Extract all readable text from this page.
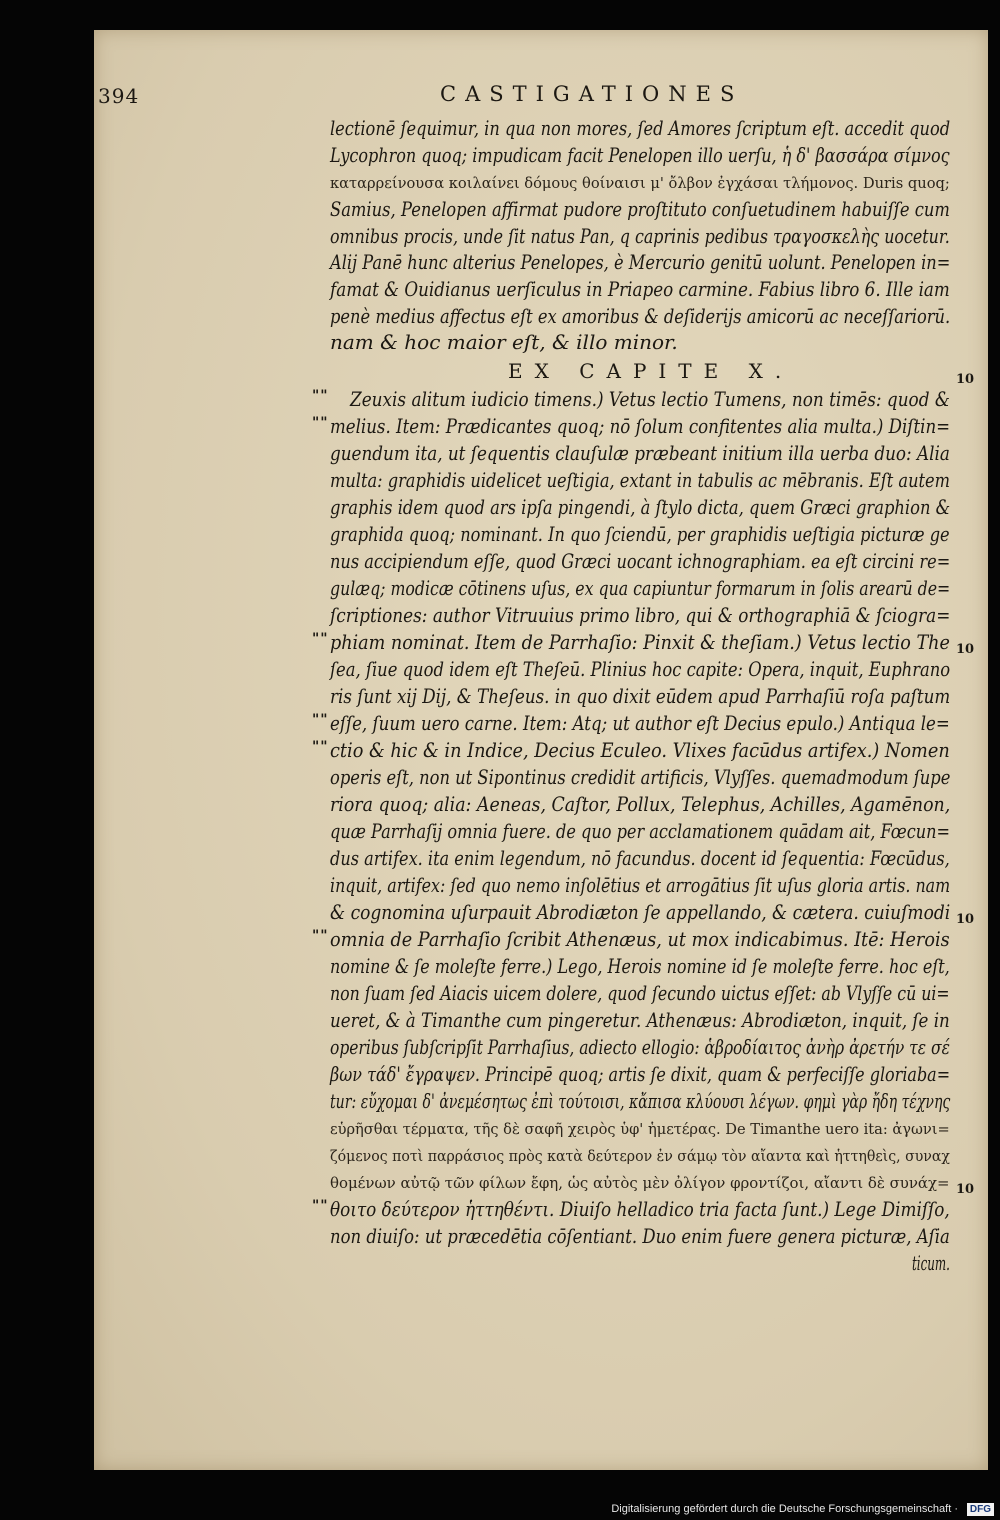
394	CASTIGATIONES
EX CAPITE X.
lectionē ſequimur, in qua non mores, ſed Amores ſcriptum eſt. accedit quod
Lycophron quoq; impudicam facit Penelopen illo uerſu, ἡ δ' βασσάρα σίμνος
καταρρείνουσα κοιλαίνει δόμους θοίναισι μ' ὄλβον ἐγχάσαι τλήμονος. Duris quoq;
Samius, Penelopen affirmat pudore proſtituto conſuetudinem habuiſſe cum
omnibus procis, unde ſit natus Pan, q caprinis pedibus τραγοσκελὴς uocetur.
Alij Panē hunc alterius Penelopes, è Mercurio genitū uolunt. Penelopen in=
famat & Ouidianus uerſiculus in Priapeo carmine. Fabius libro 6. Ille iam
penè medius affectus eſt ex amoribus & deſiderijs amicorū ac neceſſariorū.
nam & hoc maior eſt, & illo minor.
Zeuxis alitum iudicio timens.) Vetus lectio Tumens, non timēs: quod &
melius. Item: Prædicantes quoq; nō ſolum confitentes alia multa.) Diſtin=
guendum ita, ut ſequentis clauſulæ præbeant initium illa uerba duo: Alia
multa: graphidis uidelicet ueſtigia, extant in tabulis ac mēbranis. Eſt autem
graphis idem quod ars ipſa pingendi, à ſtylo dicta, quem Græci graphion &
graphida quoq; nominant. In quo ſciendū, per graphidis ueſtigia picturæ ge
nus accipiendum eſſe, quod Græci uocant ichnographiam. ea eſt circini re=
gulæq; modicæ cōtinens uſus, ex qua capiuntur formarum in ſolis arearū de=
ſcriptiones: author Vitruuius primo libro, qui & orthographiā & ſciogra=
phiam nominat. Item de Parrhaſio: Pinxit & theſiam.) Vetus lectio The
ſea, ſiue quod idem eſt Theſeū. Plinius hoc capite: Opera, inquit, Euphrano
ris ſunt xij Dij, & Theſeus. in quo dixit eūdem apud Parrhaſiū roſa paſtum
eſſe, ſuum uero carne. Item: Atq; ut author eſt Decius epulo.) Antiqua le=
ctio & hic & in Indice, Decius Eculeo. Vlixes facūdus artifex.) Nomen
operis eſt, non ut Sipontinus credidit artificis, Vlyſſes. quemadmodum ſupe
riora quoq; alia: Aeneas, Caſtor, Pollux, Telephus, Achilles, Agamēnon,
quæ Parrhaſij omnia fuere. de quo per acclamationem quādam ait, Fœcun=
dus artifex. ita enim legendum, nō facundus. docent id ſequentia: Fœcūdus,
inquit, artifex: ſed quo nemo inſolētius et arrogātius ſit uſus gloria artis. nam
& cognomina uſurpauit Abrodiæton ſe appellando, & cætera. cuiuſmodi
omnia de Parrhaſio ſcribit Athenæus, ut mox indicabimus. Itē: Herois
nomine & ſe moleſte ferre.) Lego, Herois nomine id ſe moleſte ferre. hoc eſt,
non ſuam ſed Aiacis uicem dolere, quod ſecundo uictus eſſet: ab Vlyſſe cū ui=
ueret, & à Timanthe cum pingeretur. Athenæus: Abrodiæton, inquit, ſe in
operibus ſubſcripſit Parrhaſius, adiecto ellogio: ἁβροδίαιτος ἀνὴρ ἀρετήν τε σέ
βων τάδ' ἔγραψεν. Principē quoq; artis ſe dixit, quam & perfeciſſe gloriaba=
tur: εὔχομαι δ' ἀνεμέσητως ἐπὶ τούτοισι, κἄπισα κλύουσι λέγων. φημὶ γὰρ ἤδη τέχνης
εὑρῆσθαι τέρματα, τῆς δὲ σαφῆ χειρὸς ὑφ' ἡμετέρας. De Timanthe uero ita: ἀγωνι=
ζόμενος ποτὶ παρράσιος πρὸς κατὰ δεύτερον ἐν σάμῳ τὸν αἴαντα καὶ ἡττηθεὶς, συναχ
θομένων αὐτῷ τῶν φίλων ἔφη, ὡς αὐτὸς μὲν ὀλίγον φροντίζοι, αἴαντι δὲ συνάχ=
θοιτο δεύτερον ἡττηθέντι. Diuiſo helladico tria facta ſunt.) Lege Dimiſſo,
non diuiſo: ut præcedētia cōſentiant. Duo enim fuere genera picturæ, Aſia
ticum.
""
""
""
""
""
""
""
10
10
10
10
Digitalisierung gefördert durch die Deutsche Forschungsgemeinschaft ·	DFG
